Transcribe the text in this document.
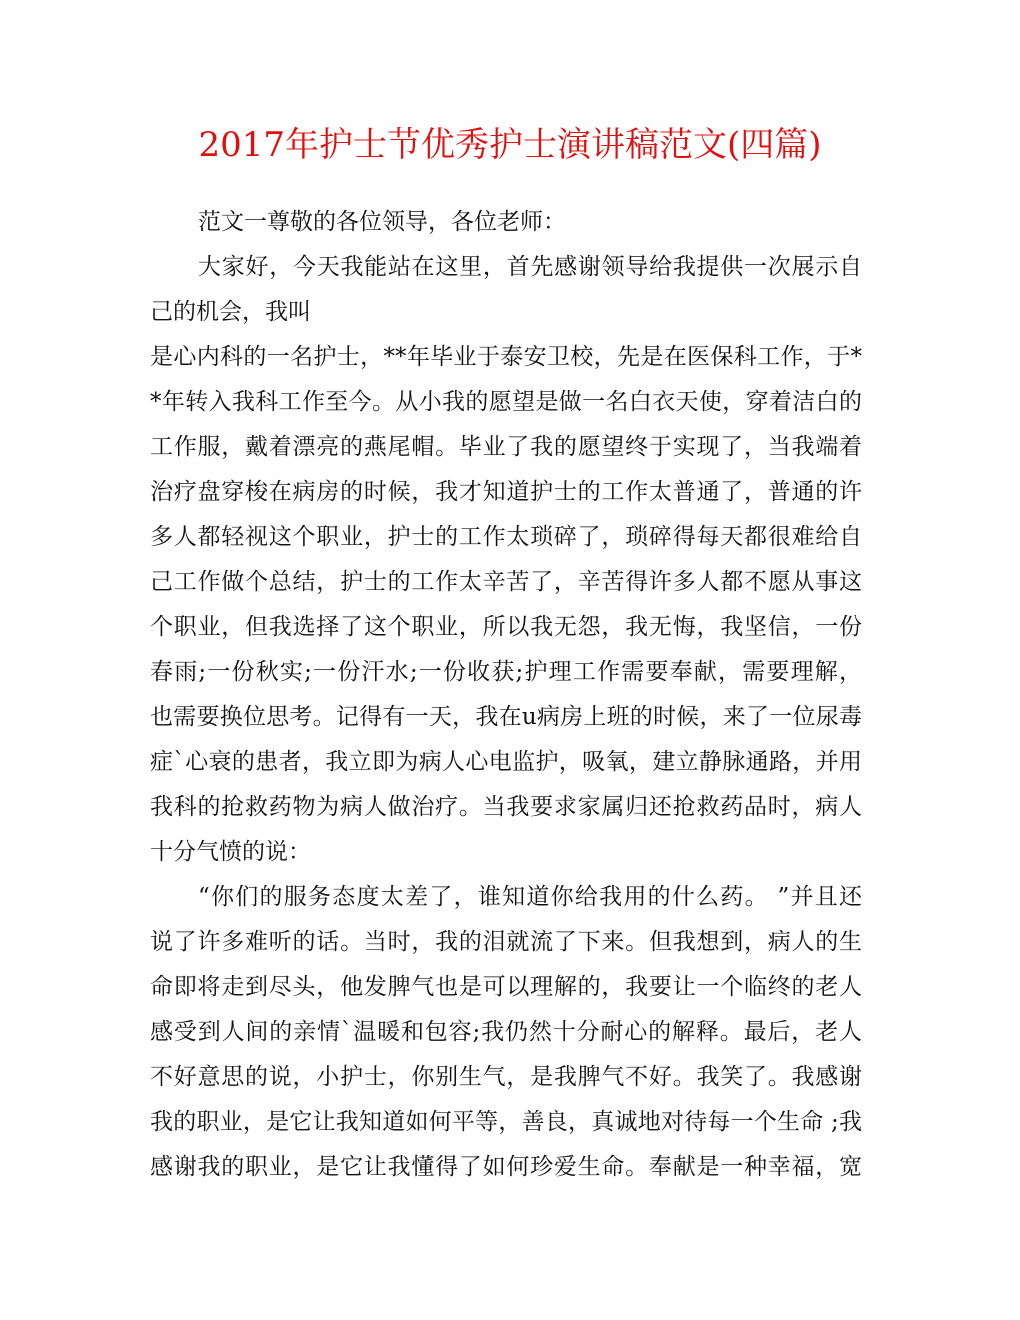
2017年护士节优秀护士演讲稿范文(四篇)
范文一尊敬的各位领导，各位老师：
大家好，今天我能站在这里，首先感谢领导给我提供一次展示自
己的机会，我叫
是心内科的一名护士，**年毕业于泰安卫校，先是在医保科工作，于*
*年转入我科工作至今。从小我的愿望是做一名白衣天使，穿着洁白的
工作服，戴着漂亮的燕尾帽。毕业了我的愿望终于实现了，当我端着
治疗盘穿梭在病房的时候，我才知道护士的工作太普通了，普通的许
多人都轻视这个职业，护士的工作太琐碎了，琐碎得每天都很难给自
己工作做个总结，护士的工作太辛苦了，辛苦得许多人都不愿从事这
个职业，但我选择了这个职业，所以我无怨，我无悔，我坚信，一份
春雨;一份秋实;一份汗水;一份收获;护理工作需要奉献，需要理解，
也需要换位思考。记得有一天，我在u病房上班的时候，来了一位尿毒
症`心衰的患者，我立即为病人心电监护，吸氧，建立静脉通路，并用
我科的抢救药物为病人做治疗。当我要求家属归还抢救药品时，病人
十分气愤的说：
“你们的服务态度太差了，谁知道你给我用的什么药。 ”并且还
说了许多难听的话。当时，我的泪就流了下来。但我想到，病人的生
命即将走到尽头，他发脾气也是可以理解的，我要让一个临终的老人
感受到人间的亲情`温暖和包容;我仍然十分耐心的解释。最后，老人
不好意思的说，小护士，你别生气，是我脾气不好。我笑了。我感谢
我的职业，是它让我知道如何平等，善良，真诚地对待每一个生命 ;我
感谢我的职业，是它让我懂得了如何珍爱生命。奉献是一种幸福，宽
